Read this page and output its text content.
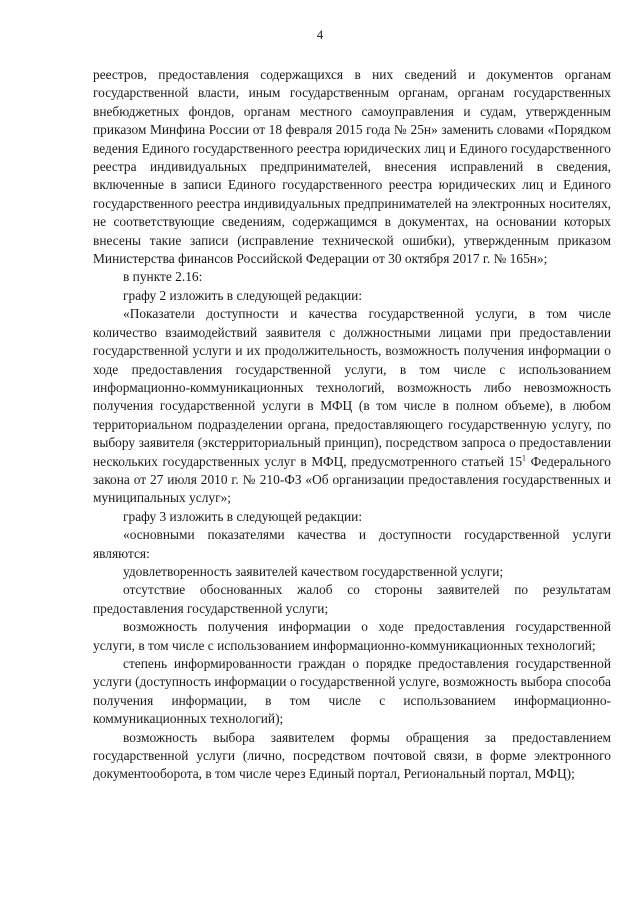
4

реестров, предоставления содержащихся в них сведений и документов органам государственной власти, иным государственным органам, органам государственных внебюджетных фондов, органам местного самоуправления и судам, утвержденным приказом Минфина России от 18 февраля 2015 года № 25н» заменить словами «Порядком ведения Единого государственного реестра юридических лиц и Единого государственного реестра индивидуальных предпринимателей, внесения исправлений в сведения, включенные в записи Единого государственного реестра юридических лиц и Единого государственного реестра индивидуальных предпринимателей на электронных носителях, не соответствующие сведениям, содержащимся в документах, на основании которых внесены такие записи (исправление технической ошибки), утвержденным приказом Министерства финансов Российской Федерации от 30 октября 2017 г. № 165н»;

в пункте 2.16:

графу 2 изложить в следующей редакции:

«Показатели доступности и качества государственной услуги, в том числе количество взаимодействий заявителя с должностными лицами при предоставлении государственной услуги и их продолжительность, возможность получения информации о ходе предоставления государственной услуги, в том числе с использованием информационно-коммуникационных технологий, возможность либо невозможность получения государственной услуги в МФЦ (в том числе в полном объеме), в любом территориальном подразделении органа, предоставляющего государственную услугу, по выбору заявителя (экстерриториальный принцип), посредством запроса о предоставлении нескольких государственных услуг в МФЦ, предусмотренного статьей $15^1$ Федерального закона от 27 июля 2010 г. № 210-ФЗ «Об организации предоставления государственных и муниципальных услуг»;

графу 3 изложить в следующей редакции:

«основными показателями качества и доступности государственной услуги являются:

удовлетворенность заявителей качеством государственной услуги;

отсутствие обоснованных жалоб со стороны заявителей по результатам предоставления государственной услуги;

возможность получения информации о ходе предоставления государственной услуги, в том числе с использованием информационно-коммуникационных технологий;

степень информированности граждан о порядке предоставления государственной услуги (доступность информации о государственной услуге, возможность выбора способа получения информации, в том числе с использованием информационно-коммуникационных технологий);

возможность выбора заявителем формы обращения за предоставлением государственной услуги (лично, посредством почтовой связи, в форме электронного документооборота, в том числе через Единый портал, Региональный портал, МФЦ);
